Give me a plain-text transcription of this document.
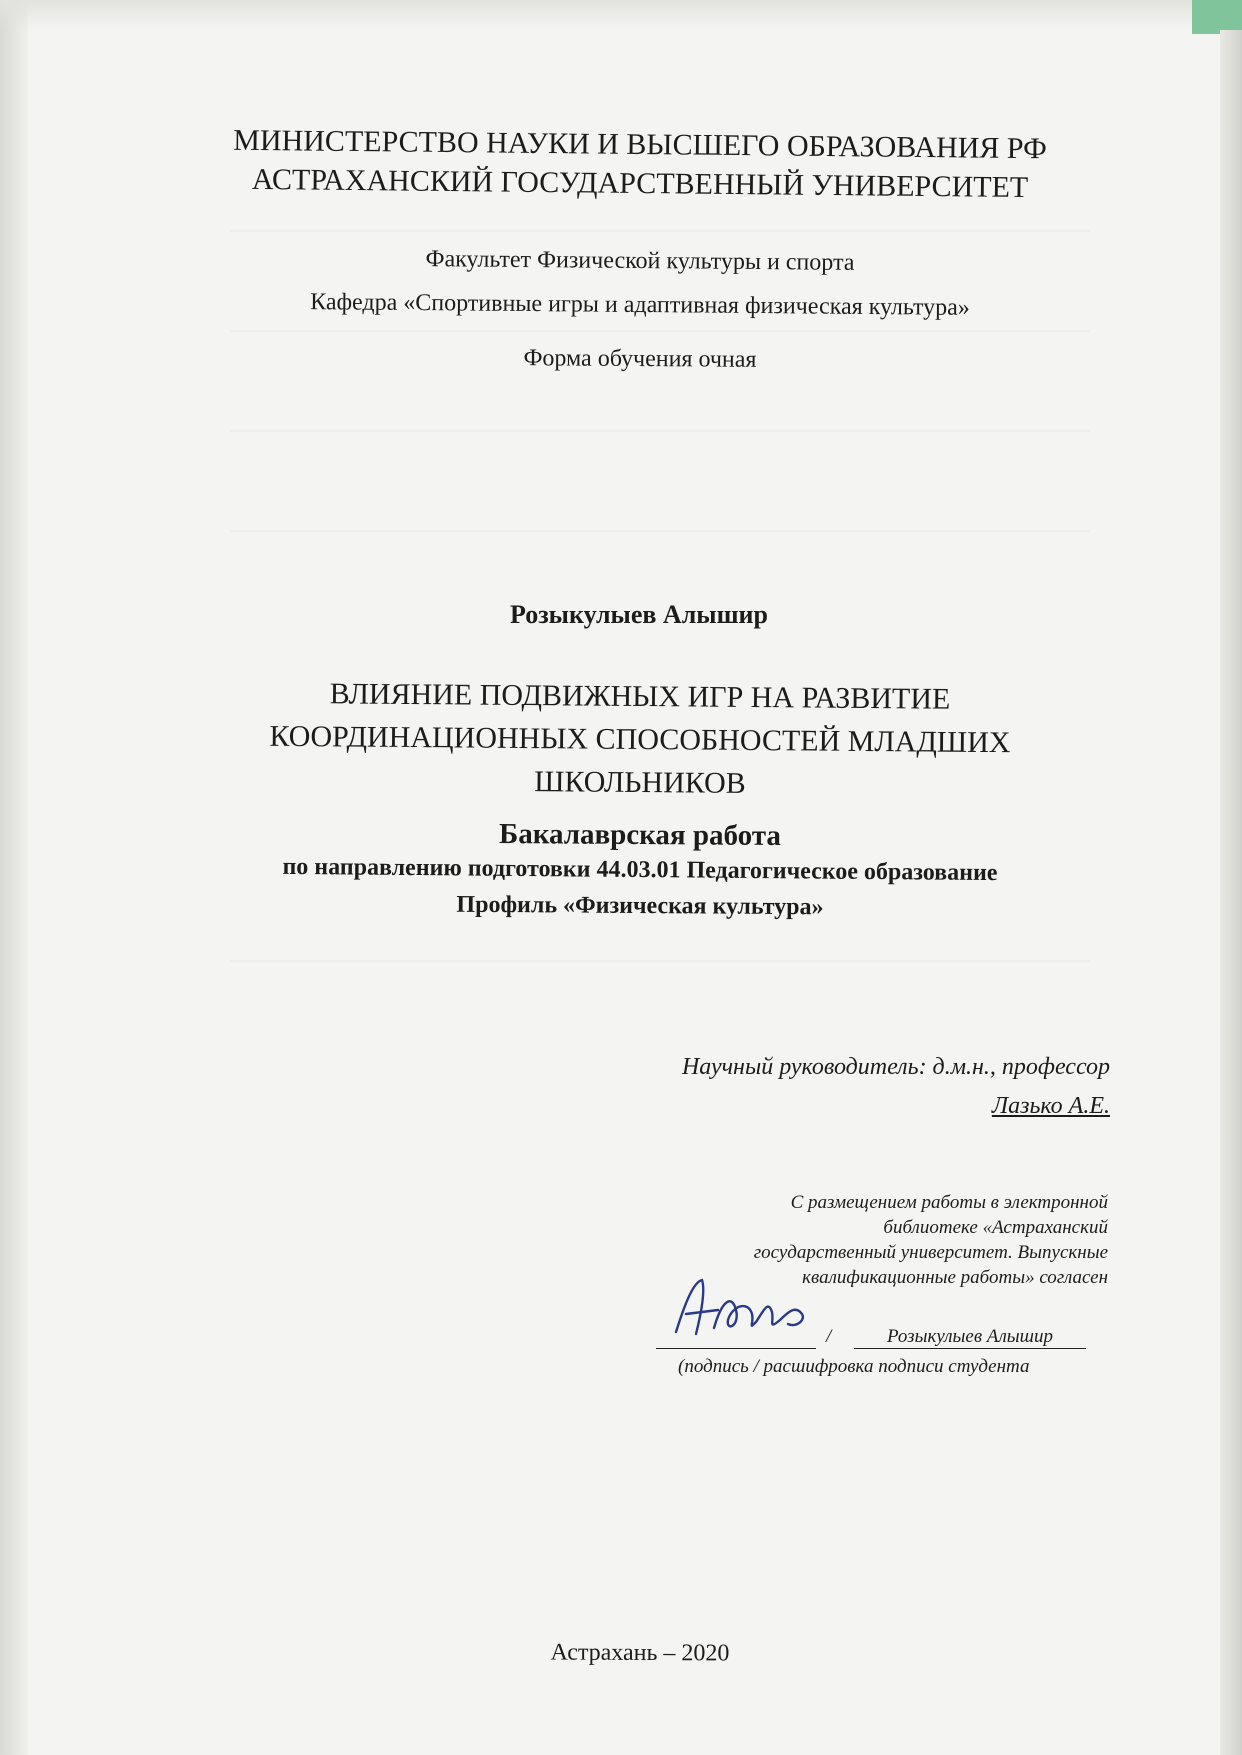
МИНИСТЕРСТВО НАУКИ И ВЫСШЕГО ОБРАЗОВАНИЯ РФ
АСТРАХАНСКИЙ ГОСУДАРСТВЕННЫЙ УНИВЕРСИТЕТ
Факультет Физической культуры и спорта
Кафедра «Спортивные игры и адаптивная физическая культура»
Форма обучения очная
Розыкулыев Алышир
ВЛИЯНИЕ ПОДВИЖНЫХ ИГР НА РАЗВИТИЕ
КООРДИНАЦИОННЫХ СПОСОБНОСТЕЙ МЛАДШИХ
ШКОЛЬНИКОВ
Бакалаврская работа
по направлению подготовки 44.03.01 Педагогическое образование
Профиль «Физическая культура»
Научный руководитель: д.м.н., профессор
Лазько А.Е.
С размещением работы в электронной
библиотеке «Астраханский
государственный университет. Выпускные
квалификационные работы» согласен
/	Розыкулыев Алышир
(подпись / расшифровка подписи студента
Астрахань – 2020
